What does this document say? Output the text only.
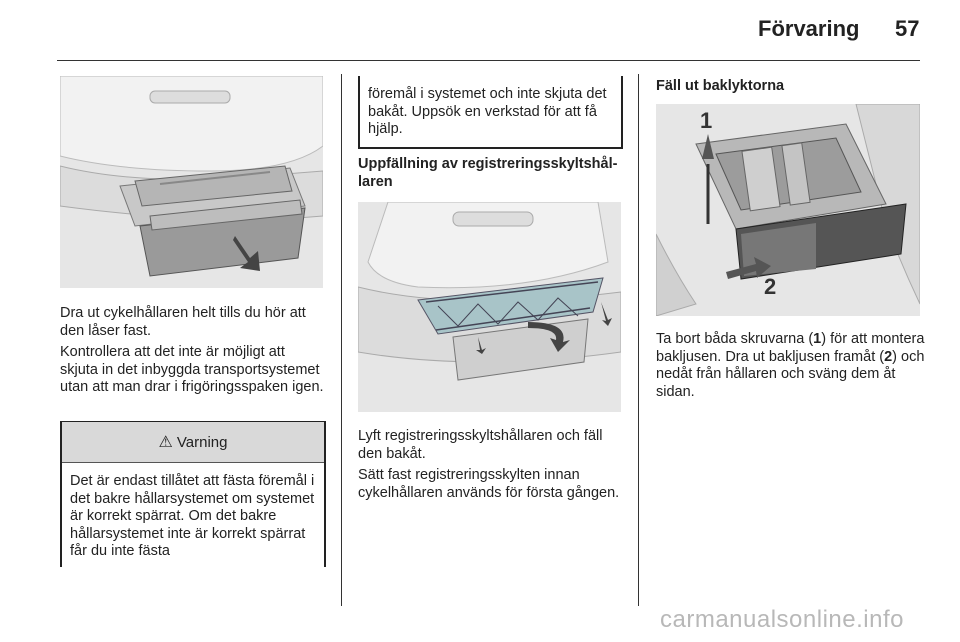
Förvaring 57

Dra ut cykelhållaren helt tills du hör att den låser fast.

Kontrollera att det inte är möjligt att skjuta in det inbyggda transportsystemet utan att man drar i frigöringsspaken igen.

⚠ Varning
Det är endast tillåtet att fästa föremål i det bakre hållarsystemet om systemet är korrekt spärrat. Om det bakre hållarsystemet inte är korrekt spärrat får du inte fästa
föremål i systemet och inte skjuta det bakåt. Uppsök en verkstad för att få hjälp.

Uppfällning av registreringsskyltshållaren

Lyft registreringsskyltshållaren och fäll den bakåt.

Sätt fast registreringsskylten innan cykelhållaren används för första gången.

Fäll ut baklyktorna

1
2

Ta bort båda skruvarna (1) för att montera bakljusen. Dra ut bakljusen framåt (2) och nedåt från hållaren och sväng dem åt sidan.

carmanualsonline.info
